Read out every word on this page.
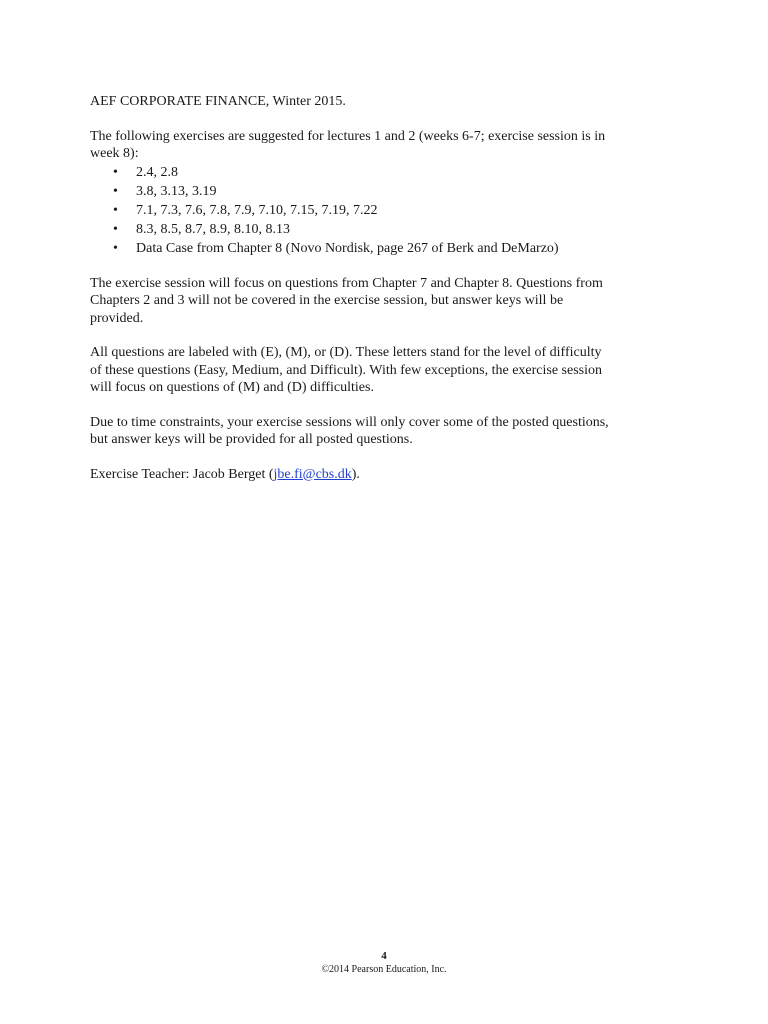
AEF CORPORATE FINANCE, Winter 2015.

The following exercises are suggested for lectures 1 and 2 (weeks 6-7; exercise session is in

week 8):

• 2.4, 2.8
• 3.8, 3.13, 3.19
• 7.1, 7.3, 7.6, 7.8, 7.9, 7.10, 7.15, 7.19, 7.22
• 8.3, 8.5, 8.7, 8.9, 8.10, 8.13
• Data Case from Chapter 8 (Novo Nordisk, page 267 of Berk and DeMarzo)

The exercise session will focus on questions from Chapter 7 and Chapter 8. Questions from

Chapters 2 and 3 will not be covered in the exercise session, but answer keys will be

provided.

All questions are labeled with (E), (M), or (D). These letters stand for the level of difficulty

of these questions (Easy, Medium, and Difficult). With few exceptions, the exercise session

will focus on questions of (M) and (D) difficulties.

Due to time constraints, your exercise sessions will only cover some of the posted questions,

but answer keys will be provided for all posted questions.

Exercise Teacher: Jacob Berget (jbe.fi@cbs.dk).

4
©2014 Pearson Education, Inc.
